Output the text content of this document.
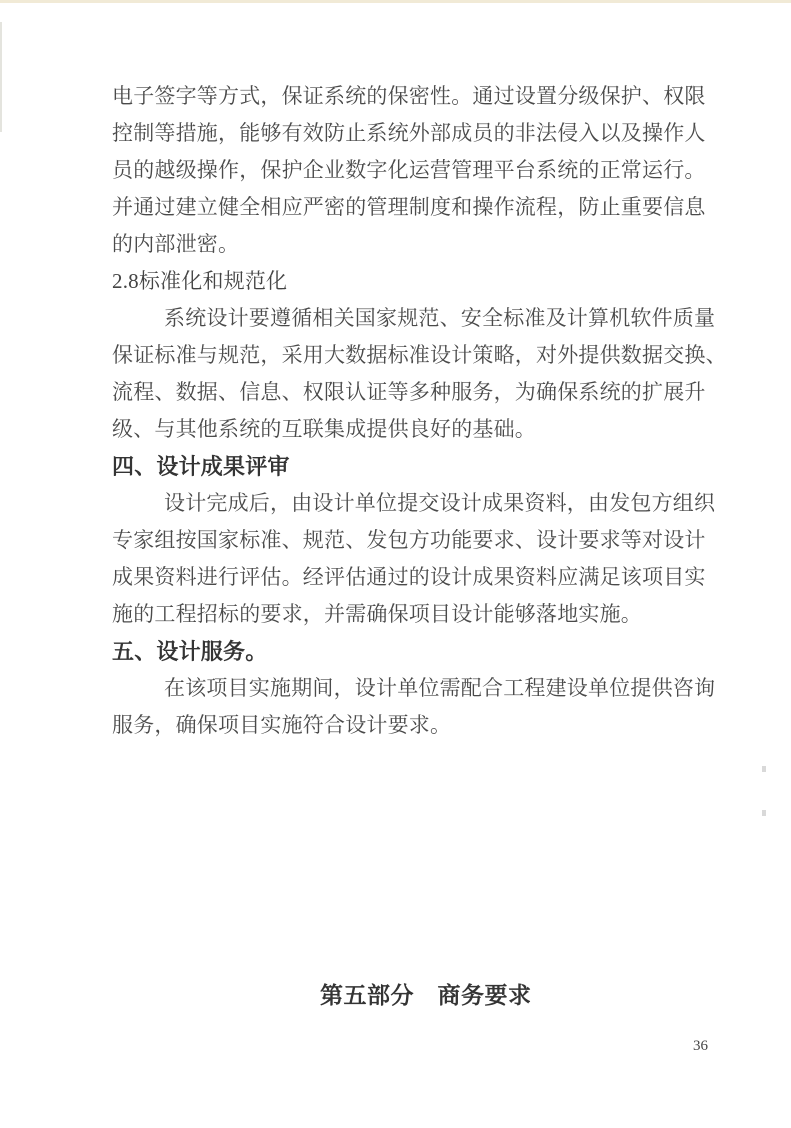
电子签字等方式，保证系统的保密性。通过设置分级保护、权限
控制等措施，能够有效防止系统外部成员的非法侵入以及操作人
员的越级操作，保护企业数字化运营管理平台系统的正常运行。
并通过建立健全相应严密的管理制度和操作流程，防止重要信息
的内部泄密。
2.8标准化和规范化
系统设计要遵循相关国家规范、安全标准及计算机软件质量
保证标准与规范，采用大数据标准设计策略，对外提供数据交换、
流程、数据、信息、权限认证等多种服务，为确保系统的扩展升
级、与其他系统的互联集成提供良好的基础。
四、设计成果评审
设计完成后，由设计单位提交设计成果资料，由发包方组织
专家组按国家标准、规范、发包方功能要求、设计要求等对设计
成果资料进行评估。经评估通过的设计成果资料应满足该项目实
施的工程招标的要求，并需确保项目设计能够落地实施。
五、设计服务。
在该项目实施期间，设计单位需配合工程建设单位提供咨询
服务，确保项目实施符合设计要求。
第五部分　商务要求
36
